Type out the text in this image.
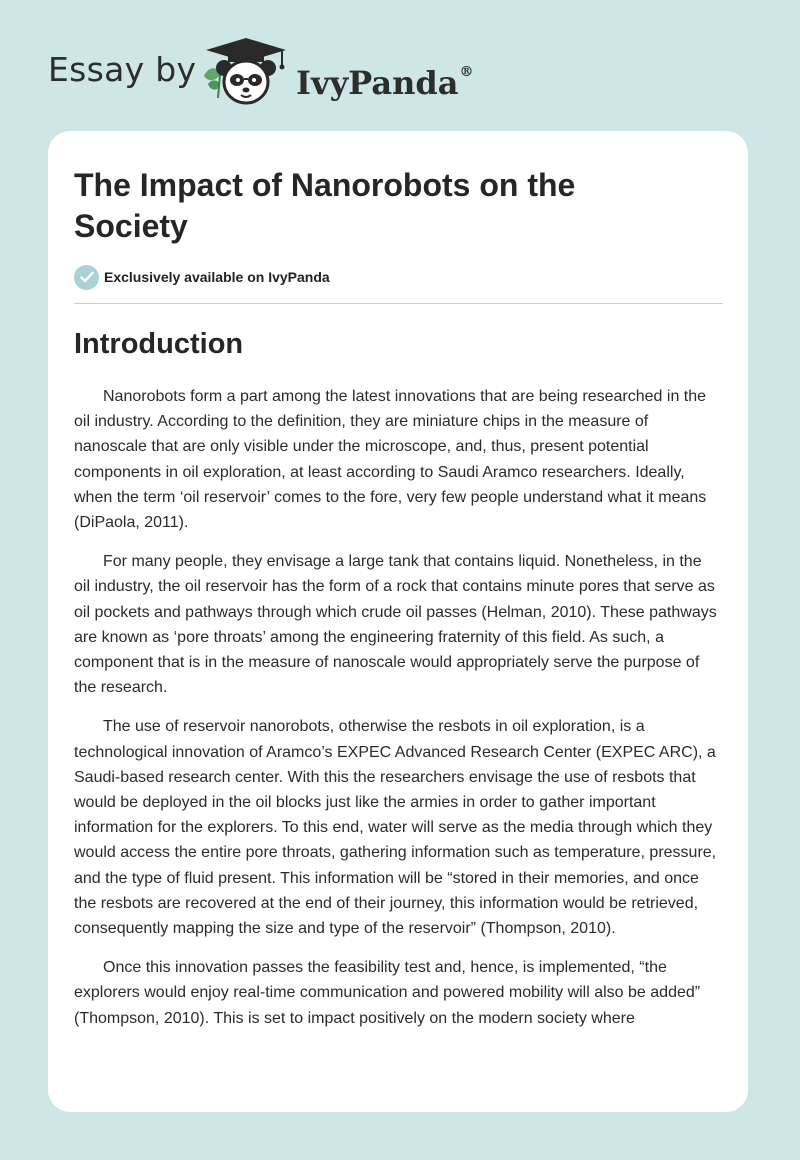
Essay by	IvyPanda®
The Impact of Nanorobots on the Society
Exclusively available on IvyPanda
Introduction

Nanorobots form a part among the latest innovations that are being researched in the oil industry. According to the definition, they are miniature chips in the measure of nanoscale that are only visible under the microscope, and, thus, present potential components in oil exploration, at least according to Saudi Aramco researchers. Ideally, when the term ‘oil reservoir’ comes to the fore, very few people understand what it means (DiPaola, 2011).

For many people, they envisage a large tank that contains liquid. Nonetheless, in the oil industry, the oil reservoir has the form of a rock that contains minute pores that serve as oil pockets and pathways through which crude oil passes (Helman, 2010). These pathways are known as ‘pore throats’ among the engineering fraternity of this field. As such, a component that is in the measure of nanoscale would appropriately serve the purpose of the research.

The use of reservoir nanorobots, otherwise the resbots in oil exploration, is a technological innovation of Aramco’s EXPEC Advanced Research Center (EXPEC ARC), a Saudi-based research center. With this the researchers envisage the use of resbots that would be deployed in the oil blocks just like the armies in order to gather important information for the explorers. To this end, water will serve as the media through which they would access the entire pore throats, gathering information such as temperature, pressure, and the type of fluid present. This information will be “stored in their memories, and once the resbots are recovered at the end of their journey, this information would be retrieved, consequently mapping the size and type of the reservoir” (Thompson, 2010).

Once this innovation passes the feasibility test and, hence, is implemented, “the explorers would enjoy real-time communication and powered mobility will also be added” (Thompson, 2010). This is set to impact positively on the modern society where
